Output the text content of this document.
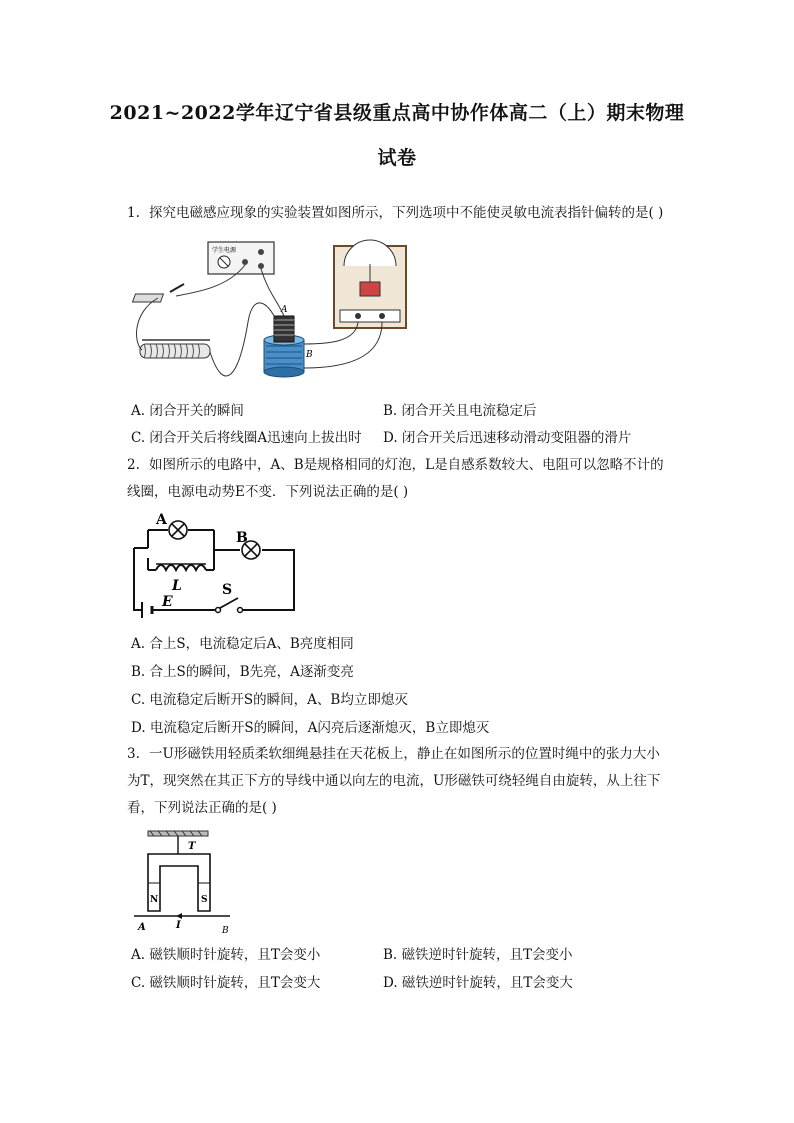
2021~2022学年辽宁省县级重点高中协作体高二（上）期末物理
试卷
1. 探究电磁感应现象的实验装置如图所示，下列选项中不能使灵敏电流表指针偏转的是( )
学生电源
A
B
A. 闭合开关的瞬间	B. 闭合开关且电流稳定后
C. 闭合开关后将线圈A迅速向上拔出时 D. 闭合开关后迅速移动滑动变阻器的滑片
2. 如图所示的电路中，A、B是规格相同的灯泡，L是自感系数较大、电阻可以忽略不计的
线圈，电源电动势E不变．下列说法正确的是( )
A
L
B
E
S
A. 合上S，电流稳定后A、B亮度相同
B. 合上S的瞬间，B先亮，A逐渐变亮
C. 电流稳定后断开S的瞬间，A、B均立即熄灭
D. 电流稳定后断开S的瞬间，A闪亮后逐渐熄灭，B立即熄灭
3. 一U形磁铁用轻质柔软细绳悬挂在天花板上，静止在如图所示的位置时绳中的张力大小
为T，现突然在其正下方的导线中通以向左的电流，U形磁铁可绕轻绳自由旋转，从上往下
看，下列说法正确的是( )
T
N	S
A	I	B
A. 磁铁顺时针旋转，且T会变小	B. 磁铁逆时针旋转，且T会变小
C. 磁铁顺时针旋转，且T会变大	D. 磁铁逆时针旋转，且T会变大
